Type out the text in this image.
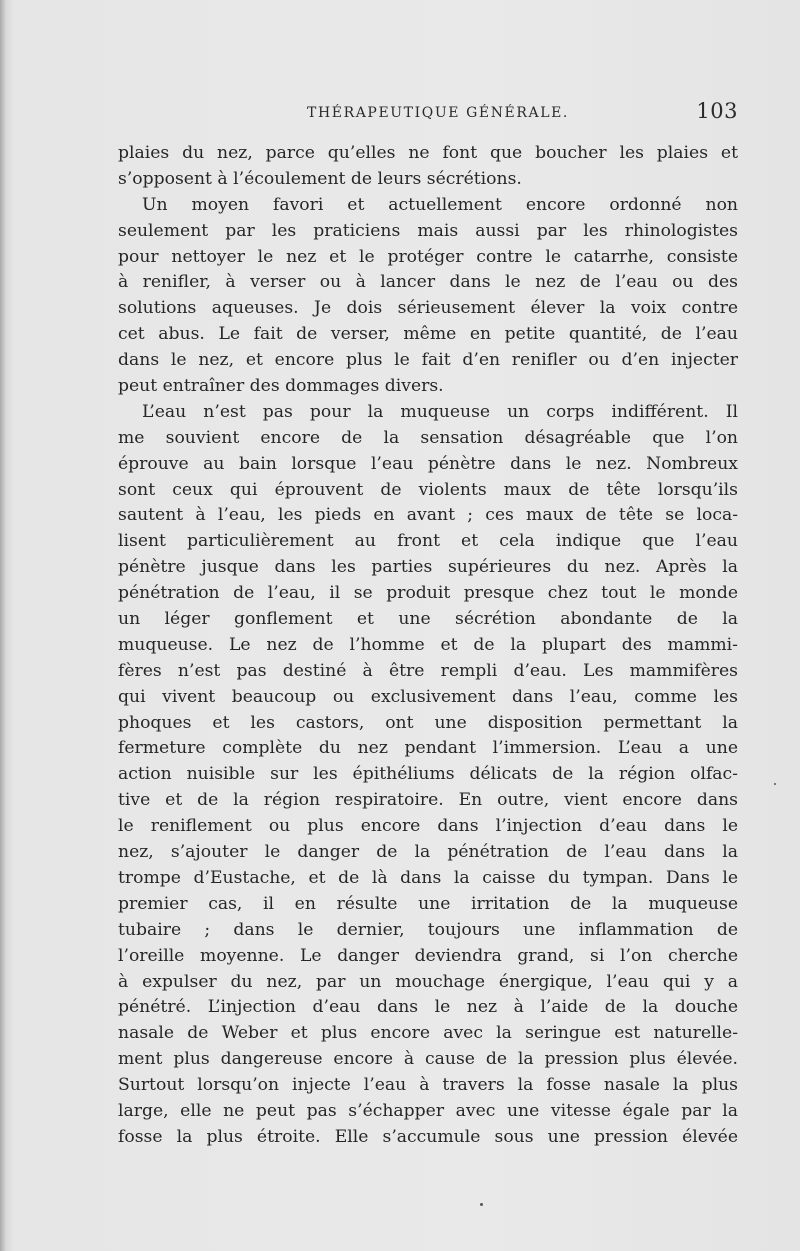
THÉRAPEUTIQUE GÉNÉRALE.	103
plaies du nez, parce qu’elles ne font que boucher les plaies et
s’opposent à l’écoulement de leurs sécrétions.
Un moyen favori et actuellement encore ordonné non
seulement par les praticiens mais aussi par les rhinologistes
pour nettoyer le nez et le protéger contre le catarrhe, consiste
à renifler, à verser ou à lancer dans le nez de l’eau ou des
solutions aqueuses. Je dois sérieusement élever la voix contre
cet abus. Le fait de verser, même en petite quantité, de l’eau
dans le nez, et encore plus le fait d’en renifler ou d’en injecter
peut entraîner des dommages divers.
L’eau n’est pas pour la muqueuse un corps indifférent. Il
me souvient encore de la sensation désagréable que l’on
éprouve au bain lorsque l’eau pénètre dans le nez. Nombreux
sont ceux qui éprouvent de violents maux de tête lorsqu’ils
sautent à l’eau, les pieds en avant ; ces maux de tête se loca-
lisent particulièrement au front et cela indique que l’eau
pénètre jusque dans les parties supérieures du nez. Après la
pénétration de l’eau, il se produit presque chez tout le monde
un léger gonflement et une sécrétion abondante de la
muqueuse. Le nez de l’homme et de la plupart des mammi-
fères n’est pas destiné à être rempli d’eau. Les mammifères
qui vivent beaucoup ou exclusivement dans l’eau, comme les
phoques et les castors, ont une disposition permettant la
fermeture complète du nez pendant l’immersion. L’eau a une
action nuisible sur les épithéliums délicats de la région olfac-
tive et de la région respiratoire. En outre, vient encore dans
le reniflement ou plus encore dans l’injection d’eau dans le
nez, s’ajouter le danger de la pénétration de l’eau dans la
trompe d’Eustache, et de là dans la caisse du tympan. Dans le
premier cas, il en résulte une irritation de la muqueuse
tubaire ; dans le dernier, toujours une inflammation de
l’oreille moyenne. Le danger deviendra grand, si l’on cherche
à expulser du nez, par un mouchage énergique, l’eau qui y a
pénétré. L’injection d’eau dans le nez à l’aide de la douche
nasale de Weber et plus encore avec la seringue est naturelle-
ment plus dangereuse encore à cause de la pression plus élevée.
Surtout lorsqu’on injecte l’eau à travers la fosse nasale la plus
large, elle ne peut pas s’échapper avec une vitesse égale par la
fosse la plus étroite. Elle s’accumule sous une pression élevée
